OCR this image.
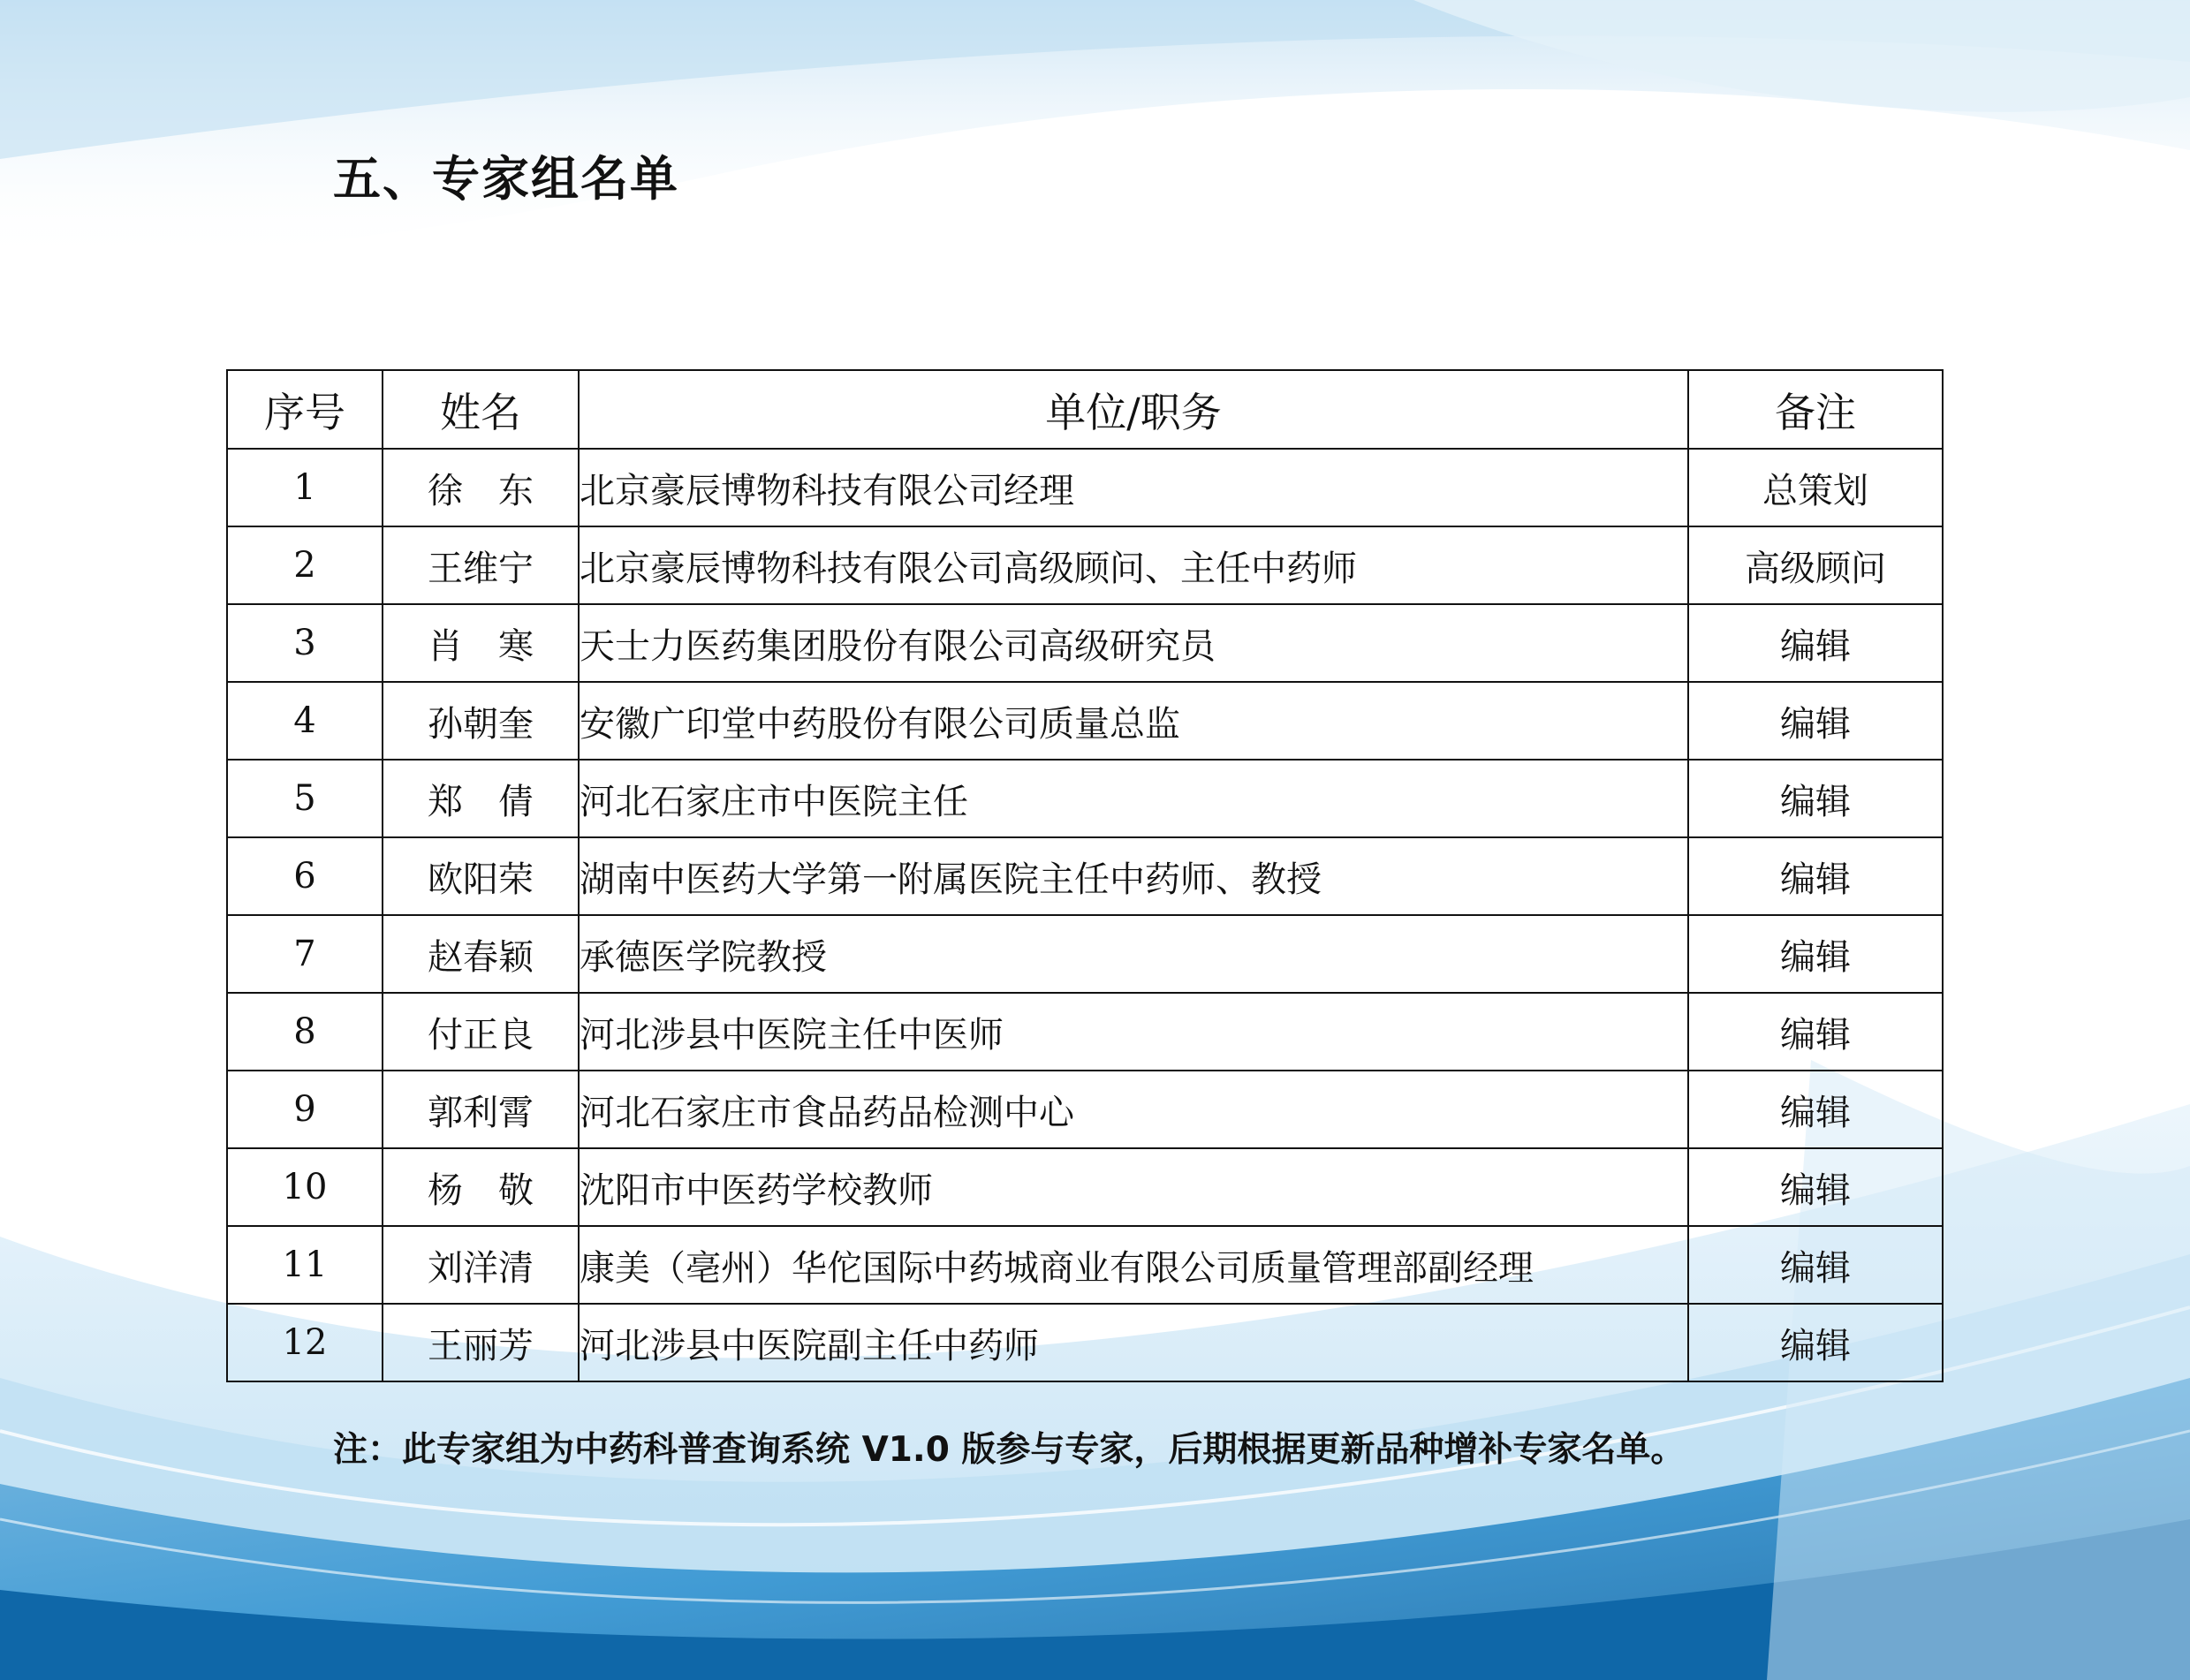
五、专家组名单
序号	姓名	单位/职务	备注
1	徐　东	北京豪辰博物科技有限公司经理	总策划
2	王维宁	北京豪辰博物科技有限公司高级顾问、主任中药师	高级顾问
3	肖　寒	天士力医药集团股份有限公司高级研究员	编辑
4	孙朝奎	安徽广印堂中药股份有限公司质量总监	编辑
5	郑　倩	河北石家庄市中医院主任	编辑
6	欧阳荣	湖南中医药大学第一附属医院主任中药师、教授	编辑
7	赵春颖	承德医学院教授	编辑
8	付正良	河北涉县中医院主任中医师	编辑
9	郭利霄	河北石家庄市食品药品检测中心	编辑
10	杨　敬	沈阳市中医药学校教师	编辑
11	刘洋清	康美（亳州）华佗国际中药城商业有限公司质量管理部副经理	编辑
12	王丽芳	河北涉县中医院副主任中药师	编辑

注：此专家组为中药科普查询系统 V1.0 版参与专家，后期根据更新品种增补专家名单。
